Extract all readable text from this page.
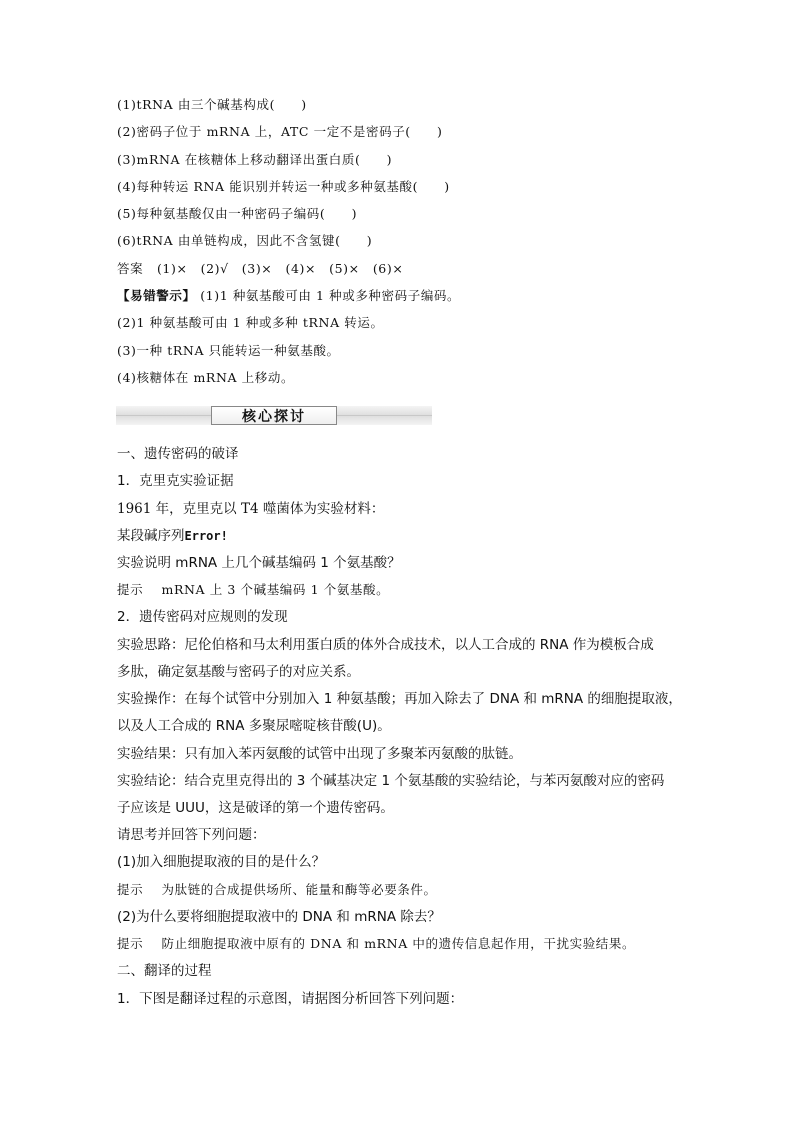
(1)tRNA 由三个碱基构成(　　)
(2)密码子位于 mRNA 上，ATC 一定不是密码子(　　)
(3)mRNA 在核糖体上移动翻译出蛋白质(　　)
(4)每种转运 RNA 能识别并转运一种或多种氨基酸(　　)
(5)每种氨基酸仅由一种密码子编码(　　)
(6)tRNA 由单链构成，因此不含氢键(　　)
答案 (1)×　(2)√　(3)×　(4)×　(5)×　(6)×
【易错警示】 (1)1 种氨基酸可由 1 种或多种密码子编码。
(2)1 种氨基酸可由 1 种或多种 tRNA 转运。
(3)一种 tRNA 只能转运一种氨基酸。
(4)核糖体在 mRNA 上移动。
核心探讨
一、遗传密码的破译
1．克里克实验证据
1961 年，克里克以 T4 噬菌体为实验材料：
某段碱序列Error!
实验说明 mRNA 上几个碱基编码 1 个氨基酸？
提示 mRNA 上 3 个碱基编码 1 个氨基酸。
2．遗传密码对应规则的发现
实验思路：尼伦伯格和马太利用蛋白质的体外合成技术，以人工合成的 RNA 作为模板合成
多肽，确定氨基酸与密码子的对应关系。
实验操作：在每个试管中分别加入 1 种氨基酸；再加入除去了 DNA 和 mRNA 的细胞提取液，
以及人工合成的 RNA 多聚尿嘧啶核苷酸(U)。
实验结果：只有加入苯丙氨酸的试管中出现了多聚苯丙氨酸的肽链。
实验结论：结合克里克得出的 3 个碱基决定 1 个氨基酸的实验结论，与苯丙氨酸对应的密码
子应该是 UUU，这是破译的第一个遗传密码。
请思考并回答下列问题：
(1)加入细胞提取液的目的是什么？
提示 为肽链的合成提供场所、能量和酶等必要条件。
(2)为什么要将细胞提取液中的 DNA 和 mRNA 除去？
提示 防止细胞提取液中原有的 DNA 和 mRNA 中的遗传信息起作用，干扰实验结果。
二、翻译的过程
1．下图是翻译过程的示意图，请据图分析回答下列问题：
